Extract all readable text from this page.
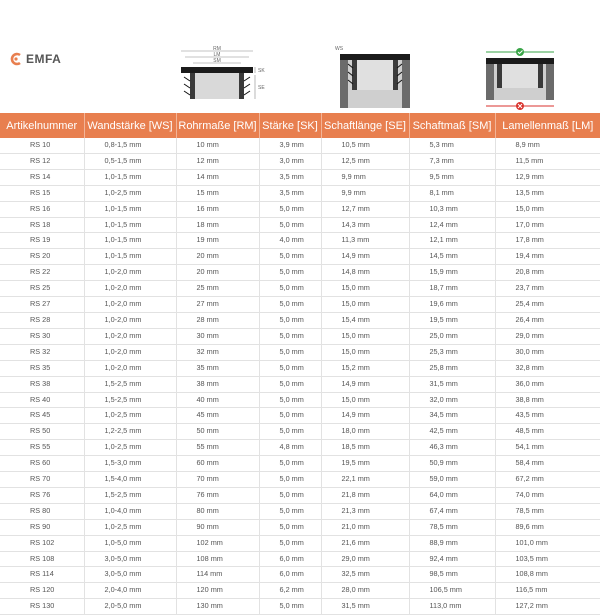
EMFA
RM
LM
SM
SK
SE
WS
Artikelnummer	Wandstärke [WS]	Rohrmaße [RM]	Stärke [SK]	Schaftlänge [SE]	Schaftmaß [SM]	Lamellenmaß [LM]
RS 10	0,8-1,5 mm	10 mm	3,9 mm	10,5 mm	5,3 mm	8,9 mm
RS 12	0,5-1,5 mm	12 mm	3,0 mm	12,5 mm	7,3 mm	11,5 mm
RS 14	1,0-1,5 mm	14 mm	3,5 mm	9,9 mm	9,5 mm	12,9 mm
RS 15	1,0-2,5 mm	15 mm	3,5 mm	9,9 mm	8,1 mm	13,5 mm
RS 16	1,0-1,5 mm	16 mm	5,0 mm	12,7 mm	10,3 mm	15,0 mm
RS 18	1,0-1,5 mm	18 mm	5,0 mm	14,3 mm	12,4 mm	17,0 mm
RS 19	1,0-1,5 mm	19 mm	4,0 mm	11,3 mm	12,1 mm	17,8 mm
RS 20	1,0-1,5 mm	20 mm	5,0 mm	14,9 mm	14,5 mm	19,4 mm
RS 22	1,0-2,0 mm	20 mm	5,0 mm	14,8 mm	15,9 mm	20,8 mm
RS 25	1,0-2,0 mm	25 mm	5,0 mm	15,0 mm	18,7 mm	23,7 mm
RS 27	1,0-2,0 mm	27 mm	5,0 mm	15,0 mm	19,6 mm	25,4 mm
RS 28	1,0-2,0 mm	28 mm	5,0 mm	15,4 mm	19,5 mm	26,4 mm
RS 30	1,0-2,0 mm	30 mm	5,0 mm	15,0 mm	25,0 mm	29,0 mm
RS 32	1,0-2,0 mm	32 mm	5,0 mm	15,0 mm	25,3 mm	30,0 mm
RS 35	1,0-2,0 mm	35 mm	5,0 mm	15,2 mm	25,8 mm	32,8 mm
RS 38	1,5-2,5 mm	38 mm	5,0 mm	14,9 mm	31,5 mm	36,0 mm
RS 40	1,5-2,5 mm	40 mm	5,0 mm	15,0 mm	32,0 mm	38,8 mm
RS 45	1,0-2,5 mm	45 mm	5,0 mm	14,9 mm	34,5 mm	43,5 mm
RS 50	1,2-2,5 mm	50 mm	5,0 mm	18,0 mm	42,5 mm	48,5 mm
RS 55	1,0-2,5 mm	55 mm	4,8 mm	18,5 mm	46,3 mm	54,1 mm
RS 60	1,5-3,0 mm	60 mm	5,0 mm	19,5 mm	50,9 mm	58,4 mm
RS 70	1,5-4,0 mm	70 mm	5,0 mm	22,1 mm	59,0 mm	67,2 mm
RS 76	1,5-2,5 mm	76 mm	5,0 mm	21,8 mm	64,0 mm	74,0 mm
RS 80	1,0-4,0 mm	80 mm	5,0 mm	21,3 mm	67,4 mm	78,5 mm
RS 90	1,0-2,5 mm	90 mm	5,0 mm	21,0 mm	78,5 mm	89,6 mm
RS 102	1,0-5,0 mm	102 mm	5,0 mm	21,6 mm	88,9 mm	101,0 mm
RS 108	3,0-5,0 mm	108 mm	6,0 mm	29,0 mm	92,4 mm	103,5 mm
RS 114	3,0-5,0 mm	114 mm	6,0 mm	32,5 mm	98,5 mm	108,8 mm
RS 120	2,0-4,0 mm	120 mm	6,2 mm	28,0 mm	106,5 mm	116,5 mm
RS 130	2,0-5,0 mm	130 mm	5,0 mm	31,5 mm	113,0 mm	127,2 mm
